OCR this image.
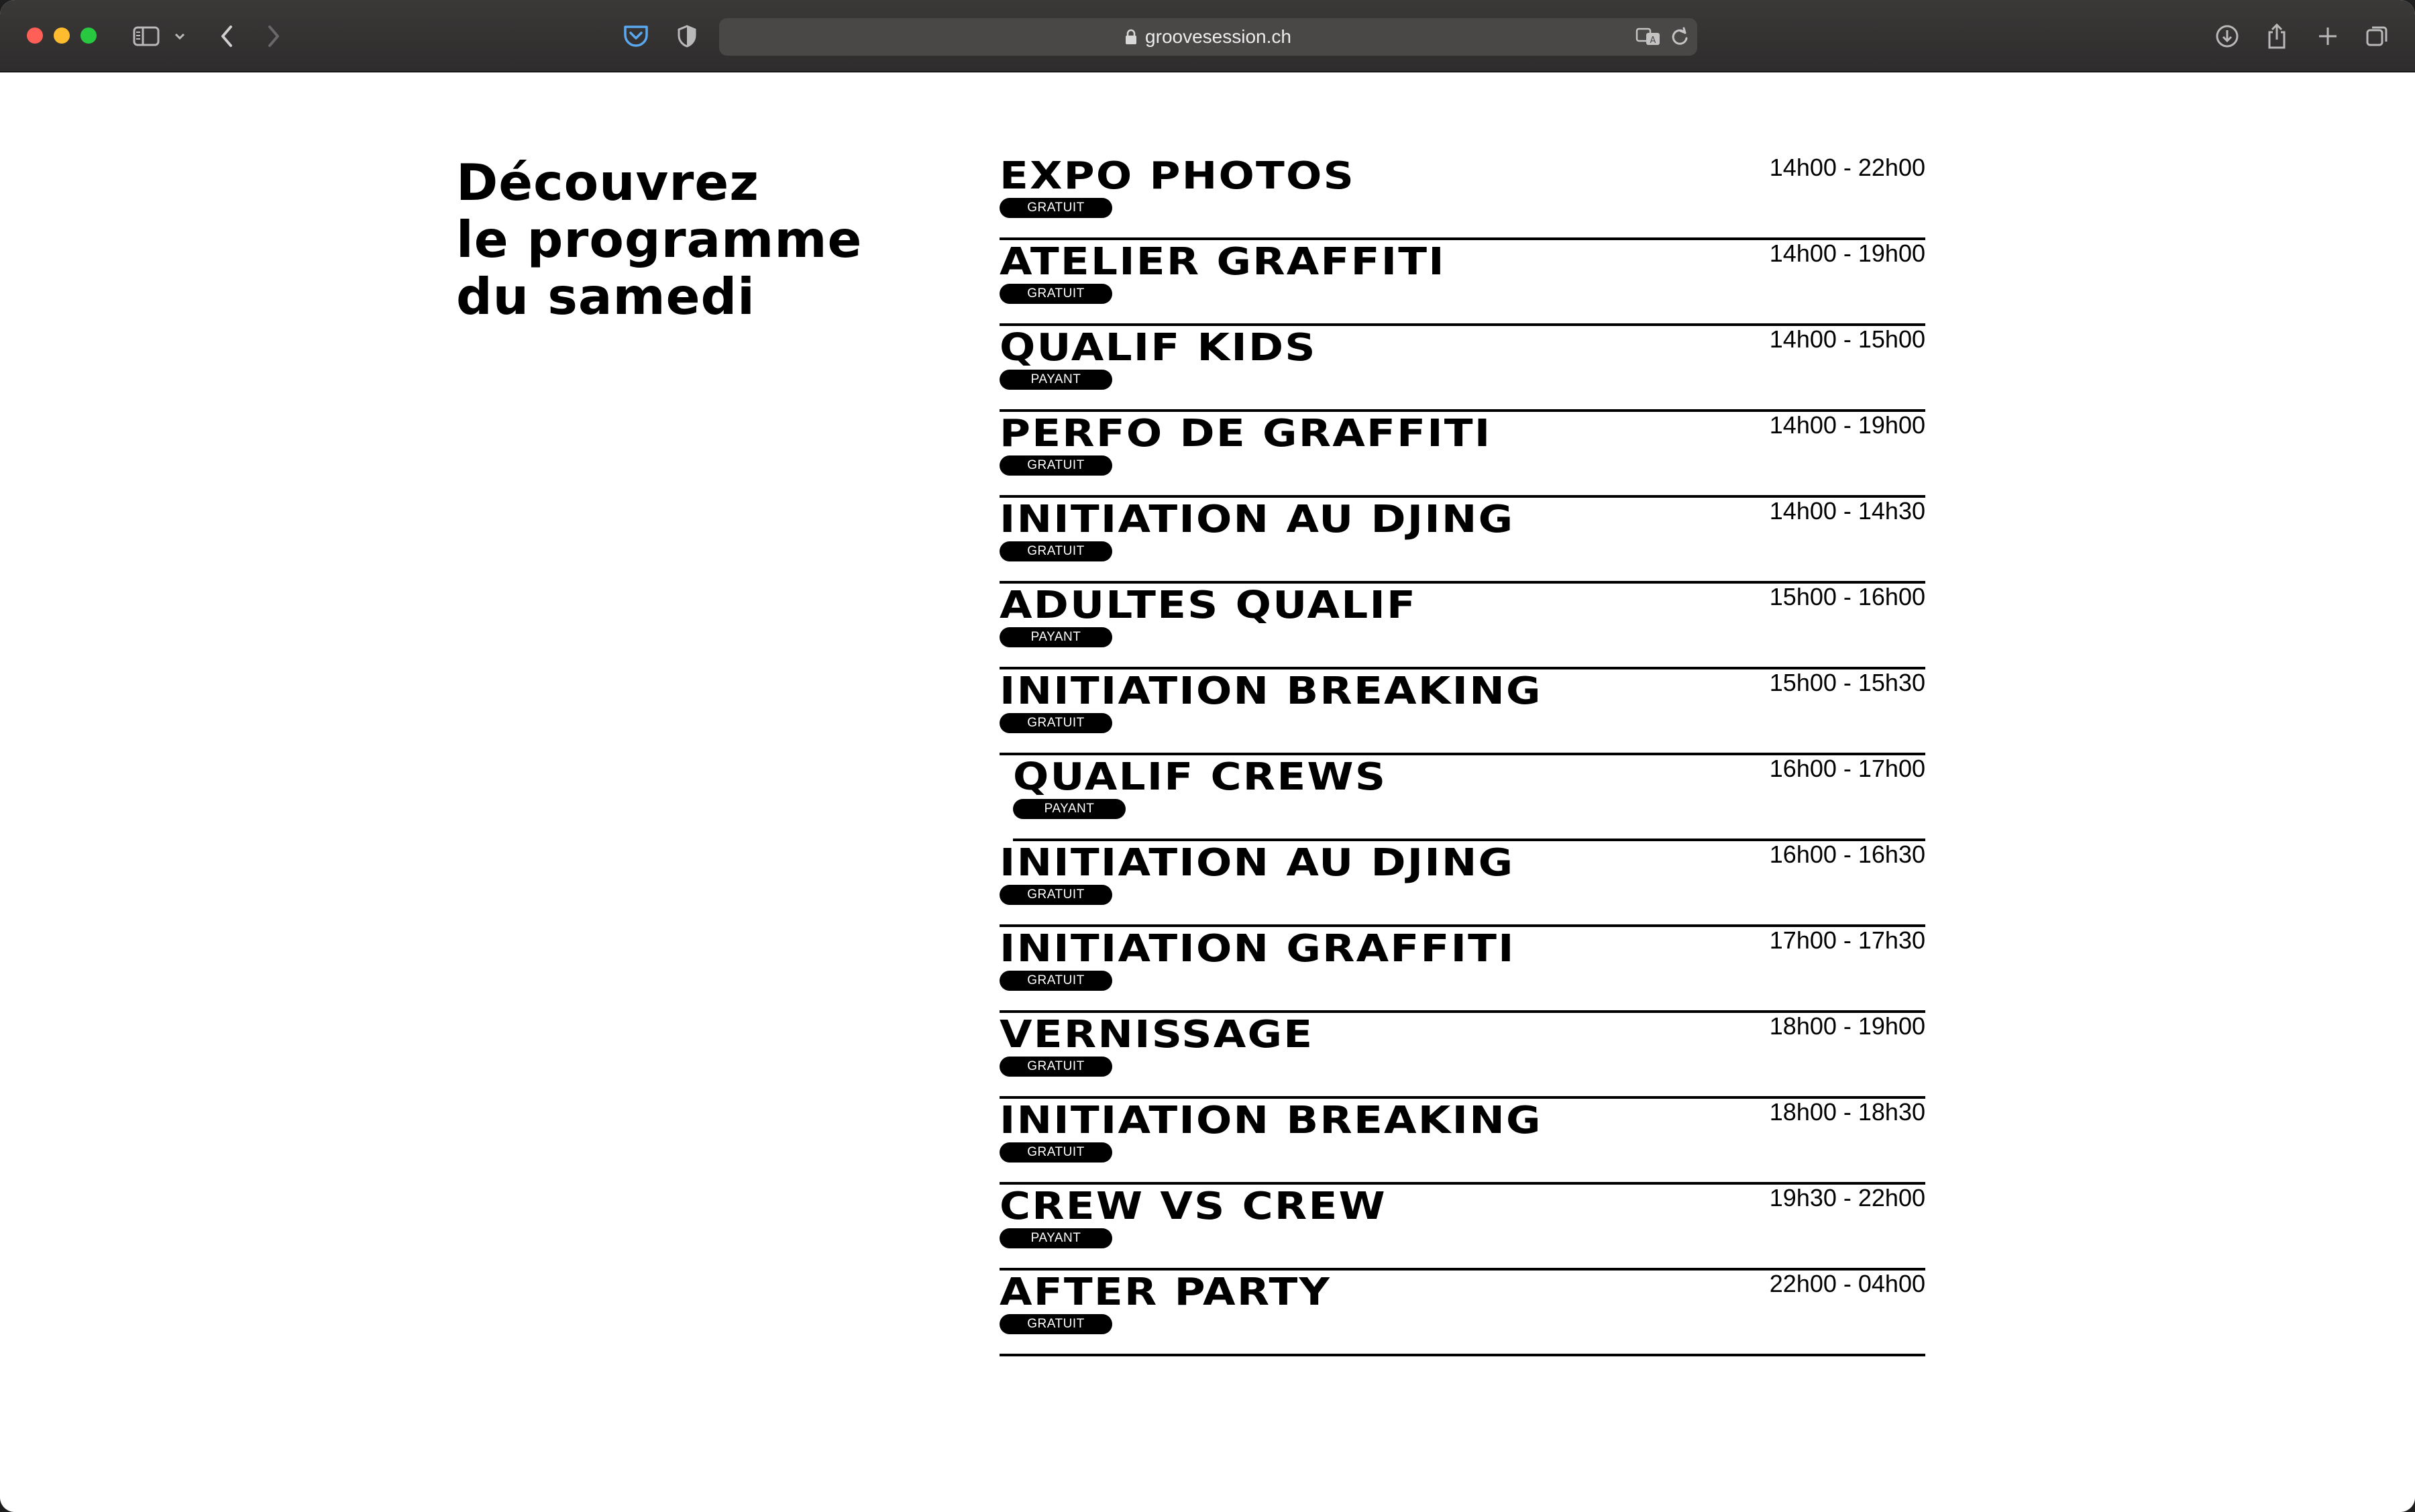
groovesession.ch	A
Découvrez
le programme
du samedi
EXPO PHOTOS	14h00 - 22h00
GRATUIT
ATELIER GRAFFITI	14h00 - 19h00
GRATUIT
QUALIF KIDS	14h00 - 15h00
PAYANT
PERFO DE GRAFFITI	14h00 - 19h00
GRATUIT
INITIATION AU DJING	14h00 - 14h30
GRATUIT
ADULTES QUALIF	15h00 - 16h00
PAYANT
INITIATION BREAKING	15h00 - 15h30
GRATUIT
QUALIF CREWS	16h00 - 17h00
PAYANT
INITIATION AU DJING	16h00 - 16h30
GRATUIT
INITIATION GRAFFITI	17h00 - 17h30
GRATUIT
VERNISSAGE	18h00 - 19h00
GRATUIT
INITIATION BREAKING	18h00 - 18h30
GRATUIT
CREW VS CREW	19h30 - 22h00
PAYANT
AFTER PARTY	22h00 - 04h00
GRATUIT
